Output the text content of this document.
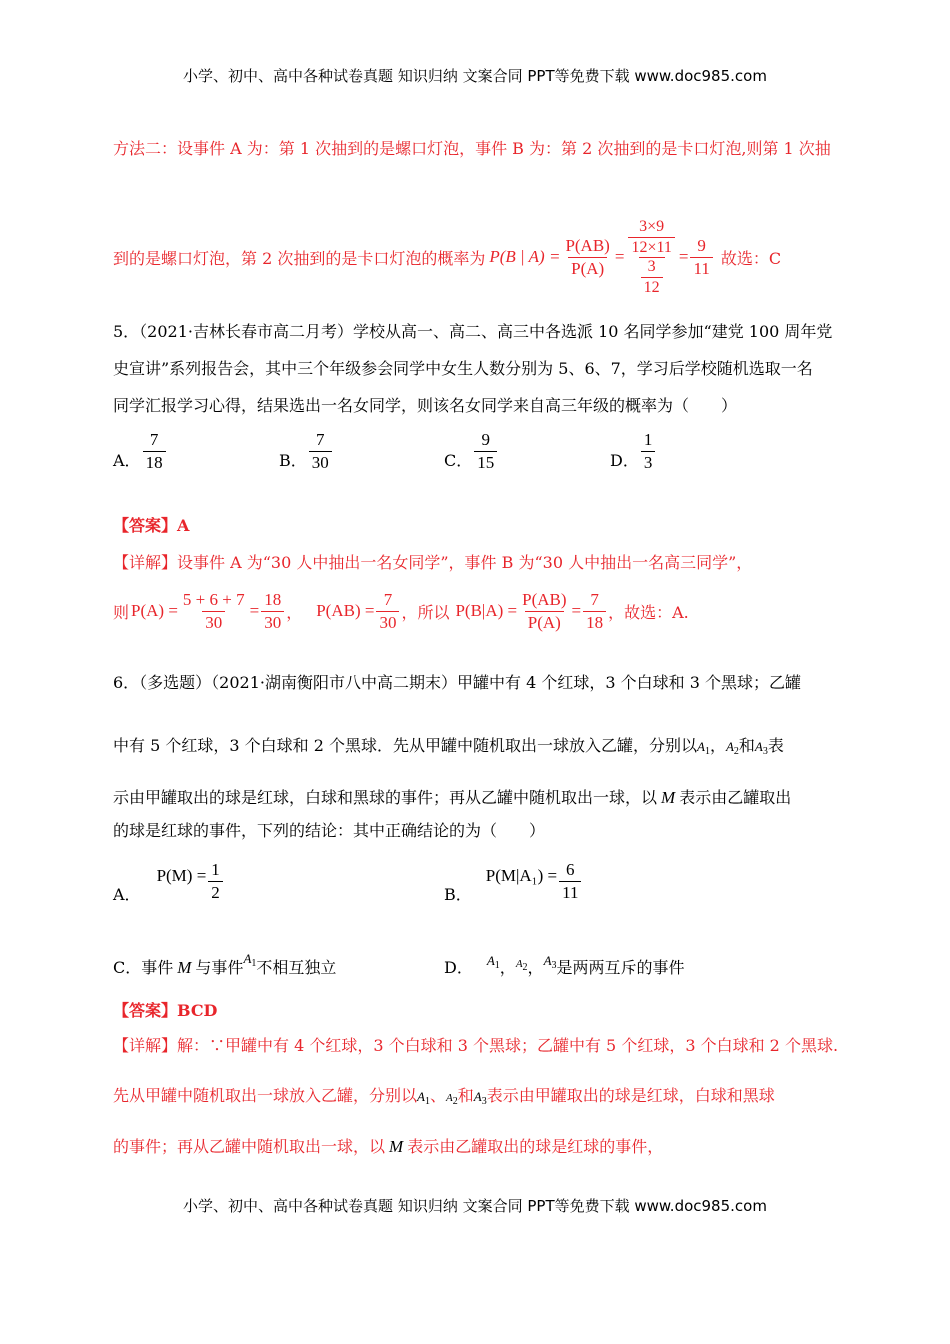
小学、初中、高中各种试卷真题 知识归纳 文案合同 PPT等免费下载 www.doc985.com
小学、初中、高中各种试卷真题 知识归纳 文案合同 PPT等免费下载 www.doc985.com
方法二：设事件 A 为：第 1 次抽到的是螺口灯泡，事件 B 为：第 2 次抽到的是卡口灯泡,则第 1 次抽
到的是螺口灯泡，第 2 次抽到的是卡口灯泡的概率为 P(B | $A) = \frac{P(AB)}{P(A)} = \frac{\frac{3\times 9}{12\times 11}}{\frac{3}{12}} = \frac{9}{11}$ 故选：C
5．（2021·吉林长春市高二月考）学校从高一、高二、高三中各选派 10 名同学参加“建党 100 周年党
史宣讲”系列报告会，其中三个年级参会同学中女生人数分别为 5、6、7，学习后学校随机选取一名
同学汇报学习心得，结果选出一名女同学，则该名女同学来自高三年级的概率为（　　）
A． $\frac{7}{18}$	B． $\frac{7}{30}$	C． $\frac{9}{15}$	D． $\frac{1}{3}$
【答案】A
【详解】设事件 A 为“30 人中抽出一名女同学”，事件 B 为“30 人中抽出一名高三同学”，
则 $P(A) = \frac{5 + 6 + 7}{30} = \frac{18}{30}$ ， $P(AB) = \frac{7}{30}$ ，所以 $P(B|A) = \frac{P(AB)}{P(A)} = \frac{7}{18}$ ，故选：A.
6．（多选题）（2021·湖南衡阳市八中高二期末）甲罐中有 4 个红球，3 个白球和 3 个黑球；乙罐
中有 5 个红球，3 个白球和 2 个黑球．先从甲罐中随机取出一球放入乙罐，分别以$A_1$，$A_2$和$A_3$表
示由甲罐取出的球是红球，白球和黑球的事件；再从乙罐中随机取出一球，以 M 表示由乙罐取出
的球是红球的事件，下列的结论：其中正确结论的为（　　）
A．
$P(M) = \frac{1}{2}$	B．
$P(M|A_1) = \frac{6}{11}$
C．事件 M 与事件$^{A_1}$不相互独立	D． $^{A_1}$，$^{A2}$，$^{A_3}$是两两互斥的事件
【答案】BCD
【详解】解：∵甲罐中有 4 个红球，3 个白球和 3 个黑球；乙罐中有 5 个红球，3 个白球和 2 个黑球.
先从甲罐中随机取出一球放入乙罐，分别以$A_1$、A2和$A_3$表示由甲罐取出的球是红球，白球和黑球
的事件；再从乙罐中随机取出一球，以 M 表示由乙罐取出的球是红球的事件，
